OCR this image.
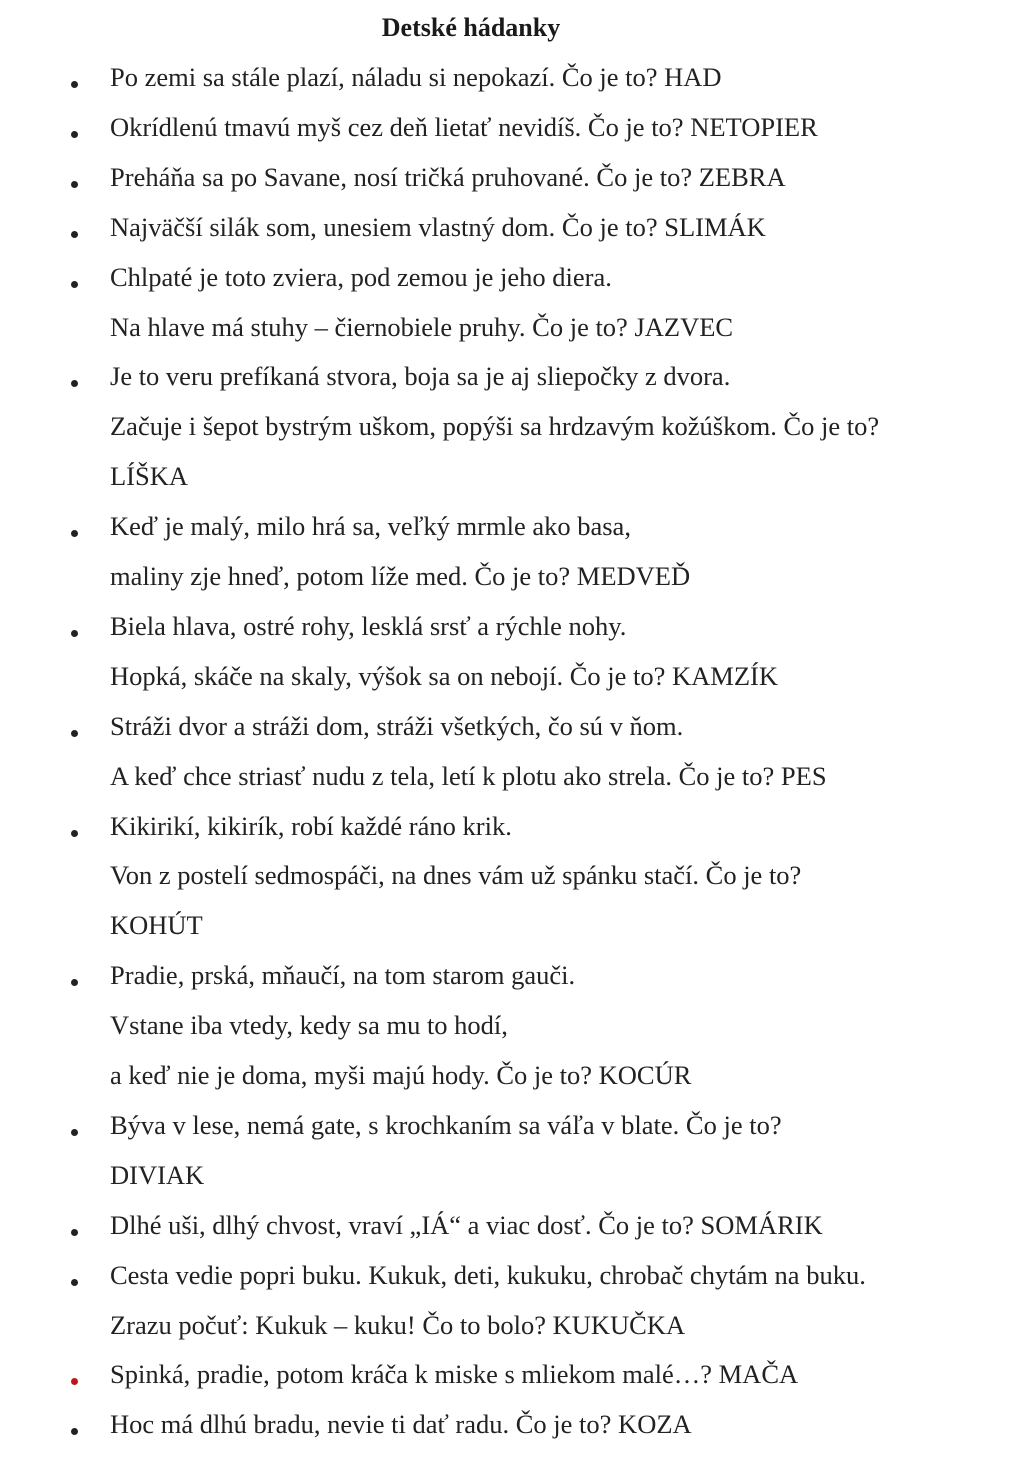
Detské hádanky
Po zemi sa stále plazí, náladu si nepokazí. Čo je to? HAD
Okrídlenú tmavú myš cez deň lietať nevidíš. Čo je to? NETOPIER
Preháňa sa po Savane, nosí tričká pruhované. Čo je to? ZEBRA
Najväčší silák som, unesiem vlastný dom. Čo je to? SLIMÁK
Chlpaté je toto zviera, pod zemou je jeho diera.
Na hlave má stuhy – čiernobiele pruhy. Čo je to? JAZVEC
Je to veru prefíkaná stvora, boja sa je aj sliepočky z dvora.
Začuje i šepot bystrým uškom, popýši sa hrdzavým kožúškom. Čo je to?
LÍŠKA
Keď je malý, milo hrá sa, veľký mrmle ako basa,
maliny zje hneď, potom líže med. Čo je to? MEDVEĎ
Biela hlava, ostré rohy, lesklá srsť a rýchle nohy.
Hopká, skáče na skaly, výšok sa on nebojí. Čo je to? KAMZÍK
Stráži dvor a stráži dom, stráži všetkých, čo sú v ňom.
A keď chce striasť nudu z tela, letí k plotu ako strela. Čo je to? PES
Kikirikí, kikirík, robí každé ráno krik.
Von z postelí sedmospáči, na dnes vám už spánku stačí. Čo je to?
KOHÚT
Pradie, prská, mňaučí, na tom starom gauči.
Vstane iba vtedy, kedy sa mu to hodí,
a keď nie je doma, myši majú hody. Čo je to? KOCÚR
Býva v lese, nemá gate, s krochkaním sa váľa v blate. Čo je to?
DIVIAK
Dlhé uši, dlhý chvost, vraví „IÁ“ a viac dosť. Čo je to? SOMÁRIK
Cesta vedie popri buku. Kukuk, deti, kukuku, chrobač chytám na buku.
Zrazu počuť: Kukuk – kuku! Čo to bolo? KUKUČKA
Spinká, pradie, potom kráča k miske s mliekom malé…? MAČA
Hoc má dlhú bradu, nevie ti dať radu. Čo je to? KOZA
